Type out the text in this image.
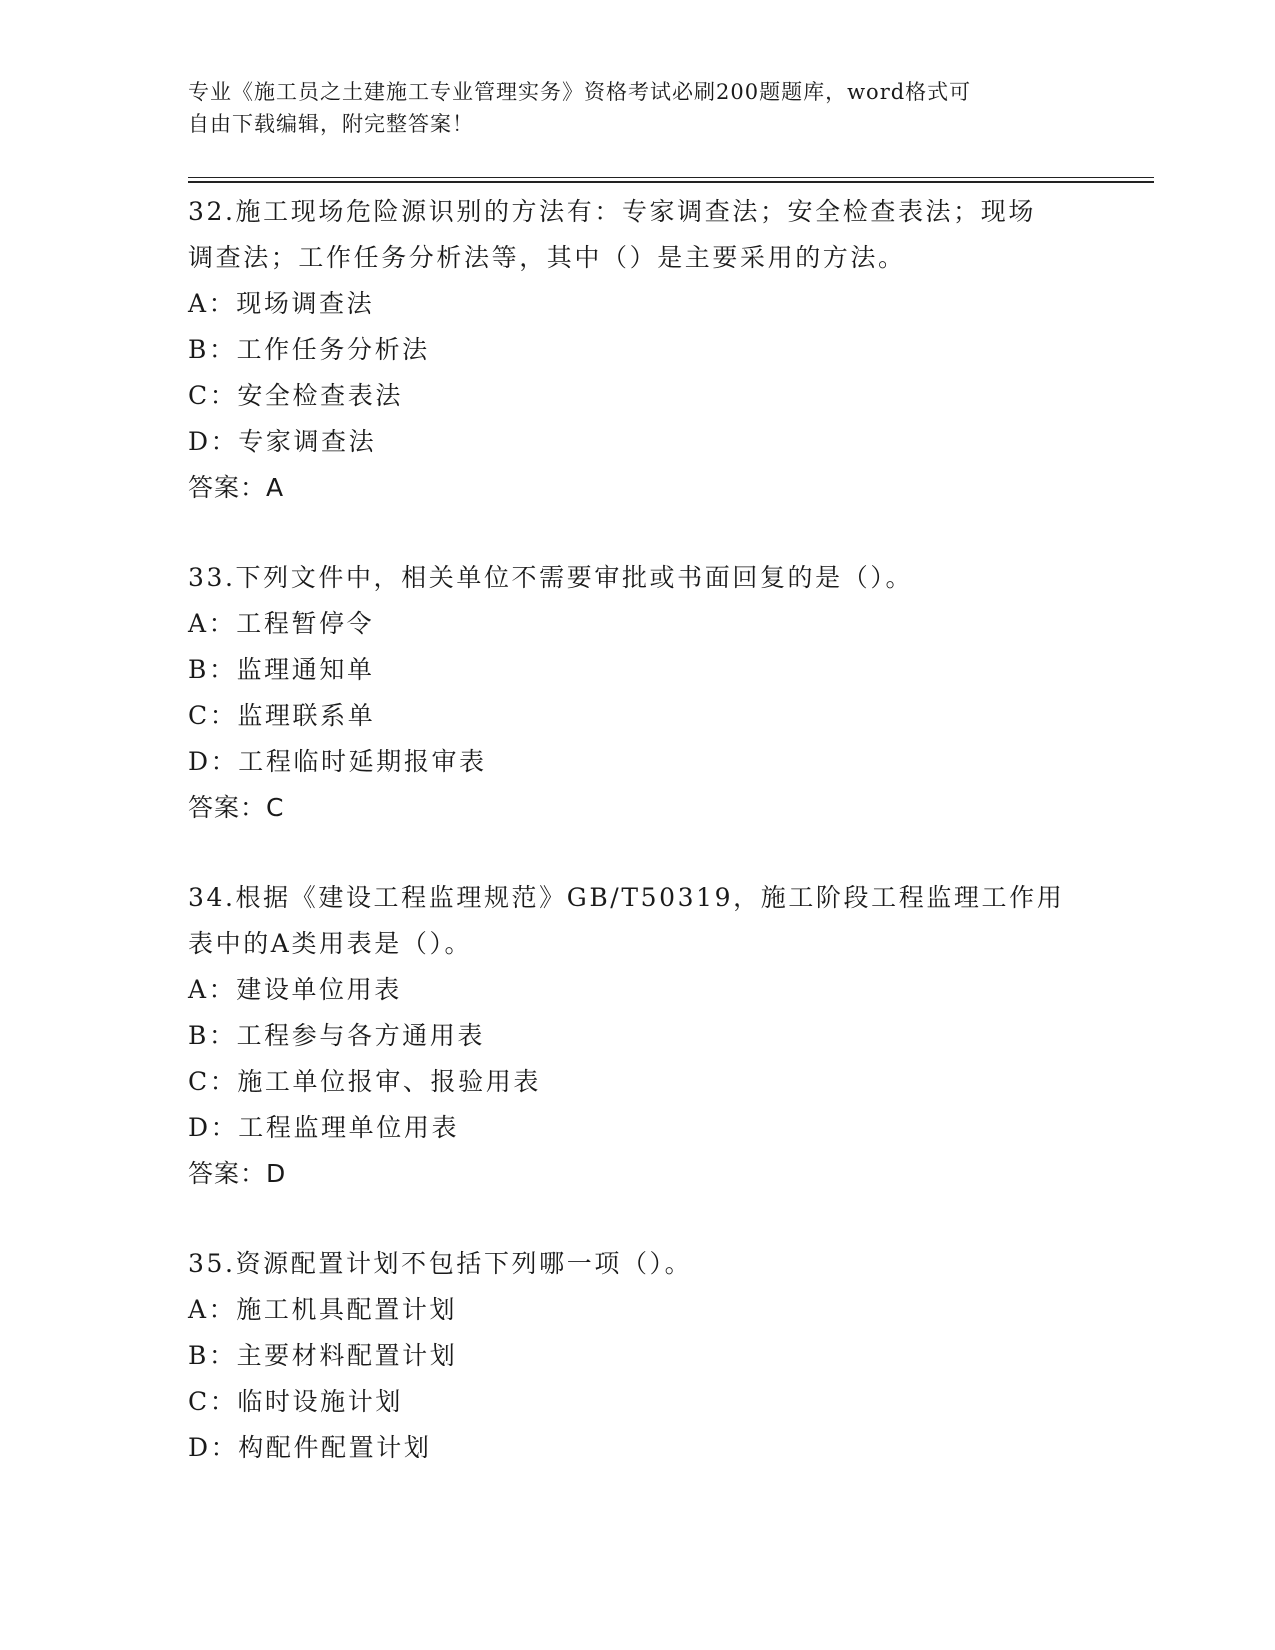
专业《施工员之土建施工专业管理实务》资格考试必刷200题题库，word格式可
自由下载编辑，附完整答案！
32.施工现场危险源识别的方法有：专家调查法；安全检查表法；现场
调查法；工作任务分析法等，其中（）是主要采用的方法。
A：现场调查法
B：工作任务分析法
C：安全检查表法
D：专家调查法
答案：A
33.下列文件中，相关单位不需要审批或书面回复的是（）。
A：工程暂停令
B：监理通知单
C：监理联系单
D：工程临时延期报审表
答案：C
34.根据《建设工程监理规范》GB/T50319，施工阶段工程监理工作用
表中的A类用表是（）。
A：建设单位用表
B：工程参与各方通用表
C：施工单位报审、报验用表
D：工程监理单位用表
答案：D
35.资源配置计划不包括下列哪一项（）。
A：施工机具配置计划
B：主要材料配置计划
C：临时设施计划
D：构配件配置计划
